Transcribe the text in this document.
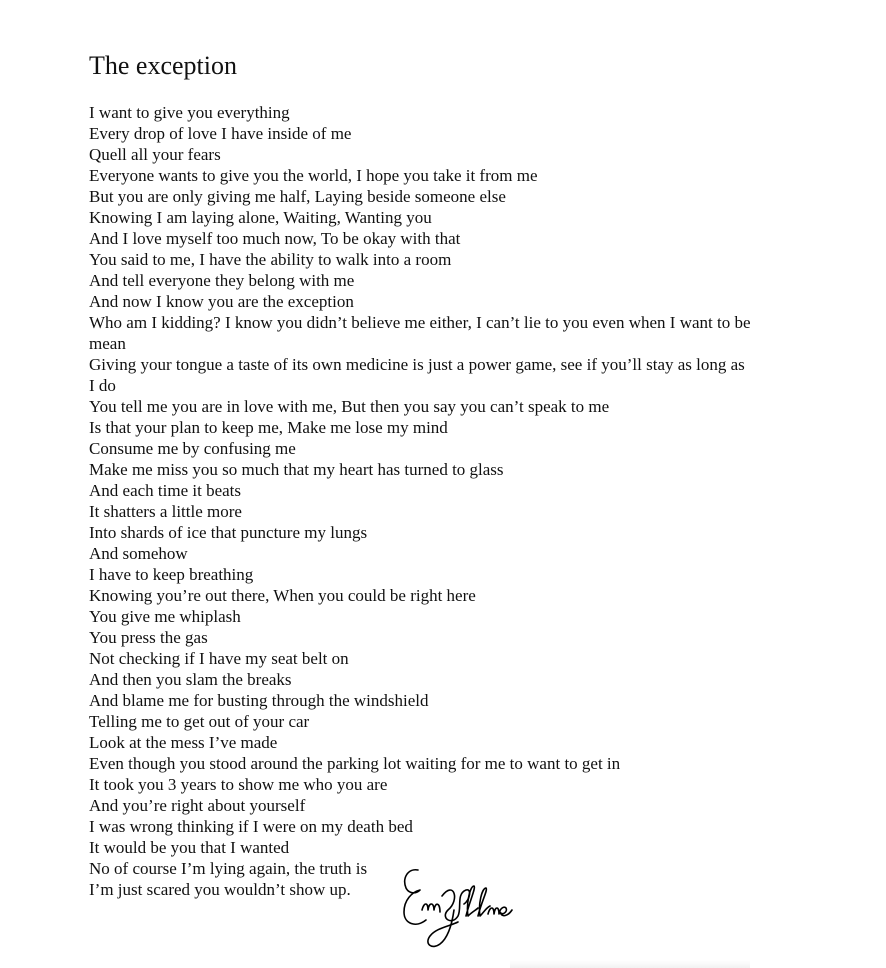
The exception
I want to give you everything
Every drop of love I have inside of me
Quell all your fears
Everyone wants to give you the world, I hope you take it from me
But you are only giving me half, Laying beside someone else
Knowing I am laying alone, Waiting, Wanting you
And I love myself too much now, To be okay with that
You said to me, I have the ability to walk into a room
And tell everyone they belong with me
And now I know you are the exception
Who am I kidding? I know you didn’t believe me either, I can’t lie to you even when I want to be
mean
Giving your tongue a taste of its own medicine is just a power game, see if you’ll stay as long as
I do
You tell me you are in love with me, But then you say you can’t speak to me
Is that your plan to keep me, Make me lose my mind
Consume me by confusing me
Make me miss you so much that my heart has turned to glass
And each time it beats
It shatters a little more
Into shards of ice that puncture my lungs
And somehow
I have to keep breathing
Knowing you’re out there, When you could be right here
You give me whiplash
You press the gas
Not checking if I have my seat belt on
And then you slam the breaks
And blame me for busting through the windshield
Telling me to get out of your car
Look at the mess I’ve made
Even though you stood around the parking lot waiting for me to want to get in
It took you 3 years to show me who you are
And you’re right about yourself
I was wrong thinking if I were on my death bed
It would be you that I wanted
No of course I’m lying again, the truth is
I’m just scared you wouldn’t show up.
